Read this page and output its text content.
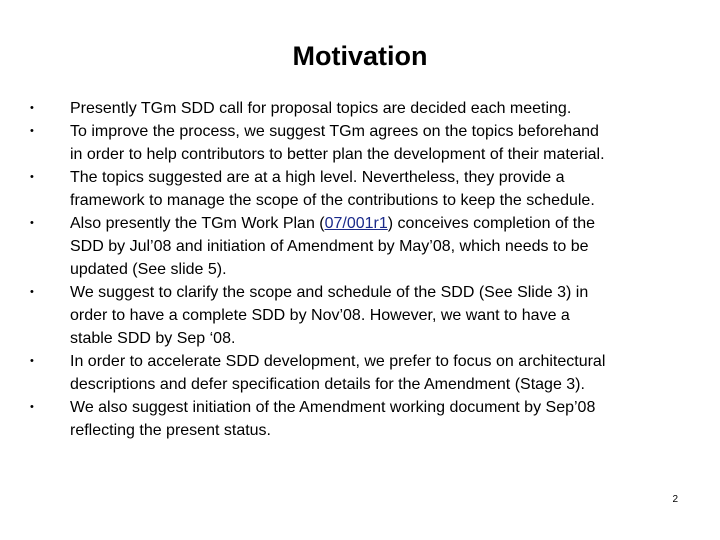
Motivation
•	Presently TGm SDD call for proposal topics are decided each meeting.
•	To improve the process, we suggest TGm agrees on the topics beforehand
in order to help contributors to better plan the development of their material.
•	The topics suggested are at a high level. Nevertheless, they provide a
framework to manage the scope of the contributions to keep the schedule.
•	Also presently the TGm Work Plan (07/001r1) conceives completion of the
SDD by Jul’08 and initiation of Amendment by May’08, which needs to be
updated (See slide 5).
•	We suggest to clarify the scope and schedule of the SDD (See Slide 3) in
order to have a complete SDD by Nov’08. However, we want to have a
stable SDD by Sep ‘08.
•	In order to accelerate SDD development, we prefer to focus on architectural
descriptions and defer specification details for the Amendment (Stage 3).
•	We also suggest initiation of the Amendment working document by Sep’08
reflecting the present status.
2
